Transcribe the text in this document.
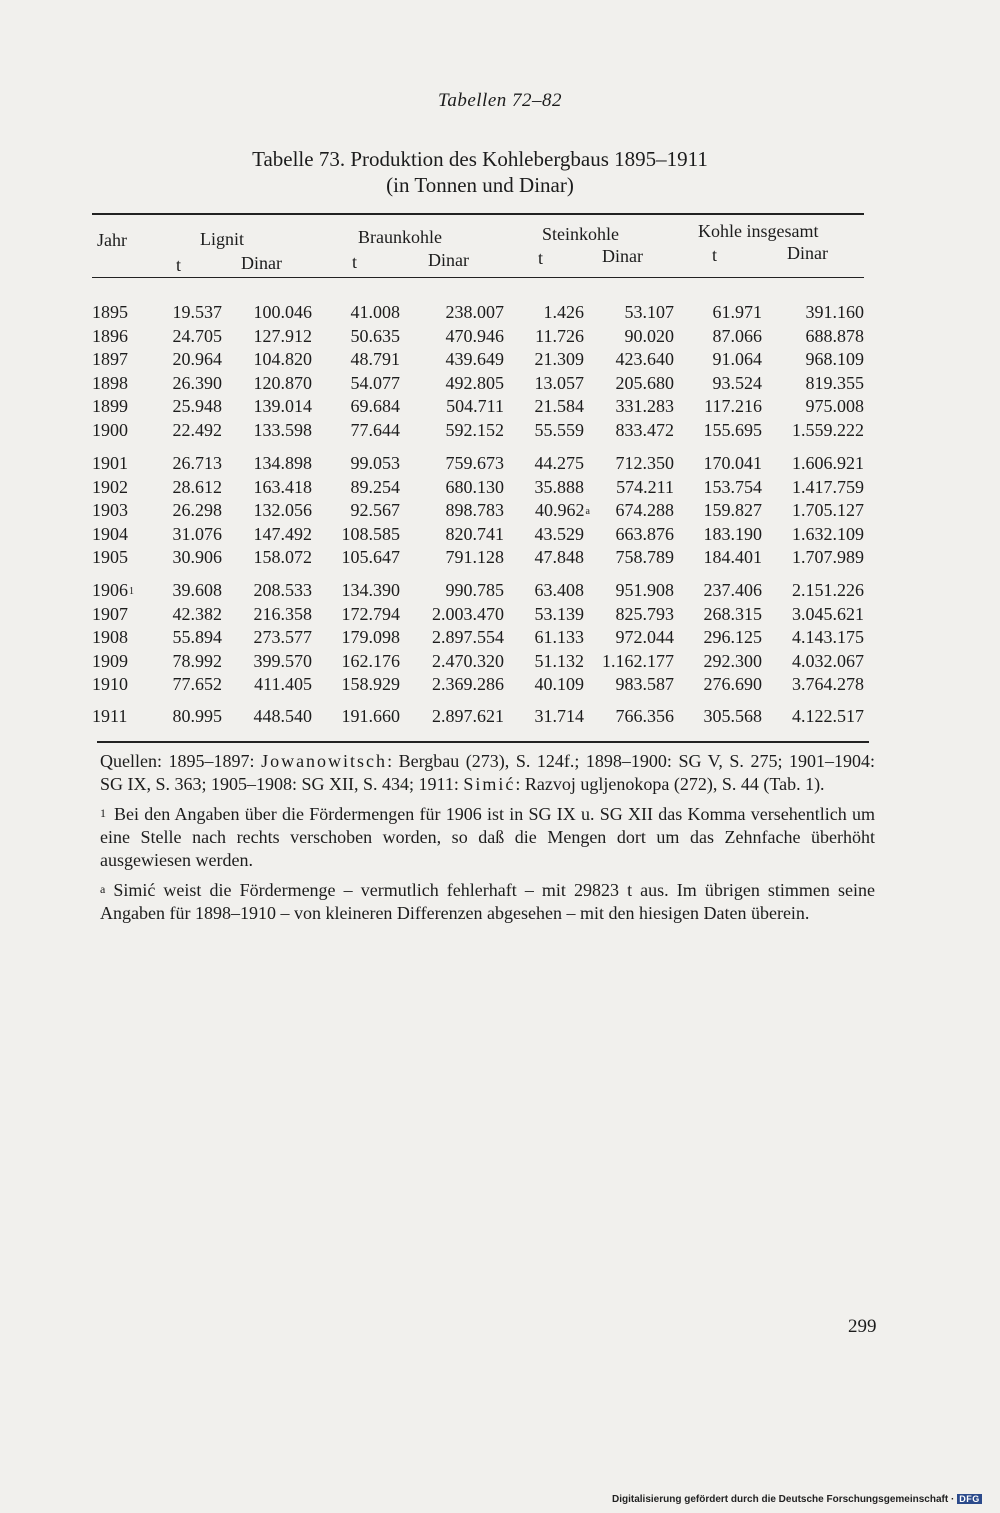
Tabellen 72–82
Tabelle 73. Produktion des Kohlebergbaus 1895–1911
(in Tonnen und Dinar)
Jahr	Lignit	Braunkohle	Steinkohle	Kohle insgesamt
t	Dinar	t	Dinar	t	Dinar	t	Dinar
1895 19.537 100.046 41.008	238.007 1.426 53.107 61.971 391.160
1896 24.705 127.912 50.635	470.946 11.726 90.020 87.066 688.878
1897 20.964 104.820 48.791	439.649 21.309 423.640 91.064 968.109
1898 26.390 120.870 54.077	492.805 13.057 205.680 93.524 819.355
1899 25.948 139.014 69.684	504.711 21.584 331.283 117.216 975.008
1900 22.492 133.598 77.644	592.152 55.559 833.472 155.695 1.559.222
1901 26.713 134.898 99.053	759.673 44.275 712.350 170.041 1.606.921
1902 28.612 163.418 89.254	680.130 35.888 574.211 153.754 1.417.759
1903 26.298 132.056 92.567	898.783 40.962$^a$ 674.288 159.827 1.705.127
1904 31.076 147.492 108.585	820.741 43.529 663.876 183.190 1.632.109
1905 30.906 158.072 105.647	791.128 47.848 758.789 184.401 1.707.989
1906$^1$ 39.608 208.533 134.390	990.785 63.408 951.908 237.406 2.151.226
1907 42.382 216.358 172.794 2.003.470 53.139 825.793 268.315 3.045.621
1908 55.894 273.577 179.098 2.897.554 61.133 972.044 296.125 4.143.175
1909 78.992 399.570 162.176 2.470.320 51.132 1.162.177 292.300 4.032.067
1910 77.652 411.405 158.929 2.369.286 40.109 983.587 276.690 3.764.278
1911	80.995 448.540 191.660 2.897.621 31.714 766.356 305.568 4.122.517

Quellen: 1895–1897: Jowanowitsch: Bergbau (273), S. 124f.; 1898–1900: SG V, S. 275; 1901–1904: SG IX, S. 363; 1905–1908: SG XII, S. 434; 1911: Simić: Razvoj ugljenokopa (272), S. 44 (Tab. 1).

$^1$ Bei den Angaben über die Fördermengen für 1906 ist in SG IX u. SG XII das Komma versehentlich um eine Stelle nach rechts verschoben worden, so daß die Mengen dort um das Zehnfache überhöht ausgewiesen werden.

$^a$ Simić weist die Fördermenge – vermutlich fehlerhaft – mit 29823 t aus. Im übrigen stimmen seine Angaben für 1898–1910 – von kleineren Differenzen abgesehen – mit den hiesigen Daten überein.

299
Digitalisierung gefördert durch die Deutsche Forschungsgemeinschaft · DFG
